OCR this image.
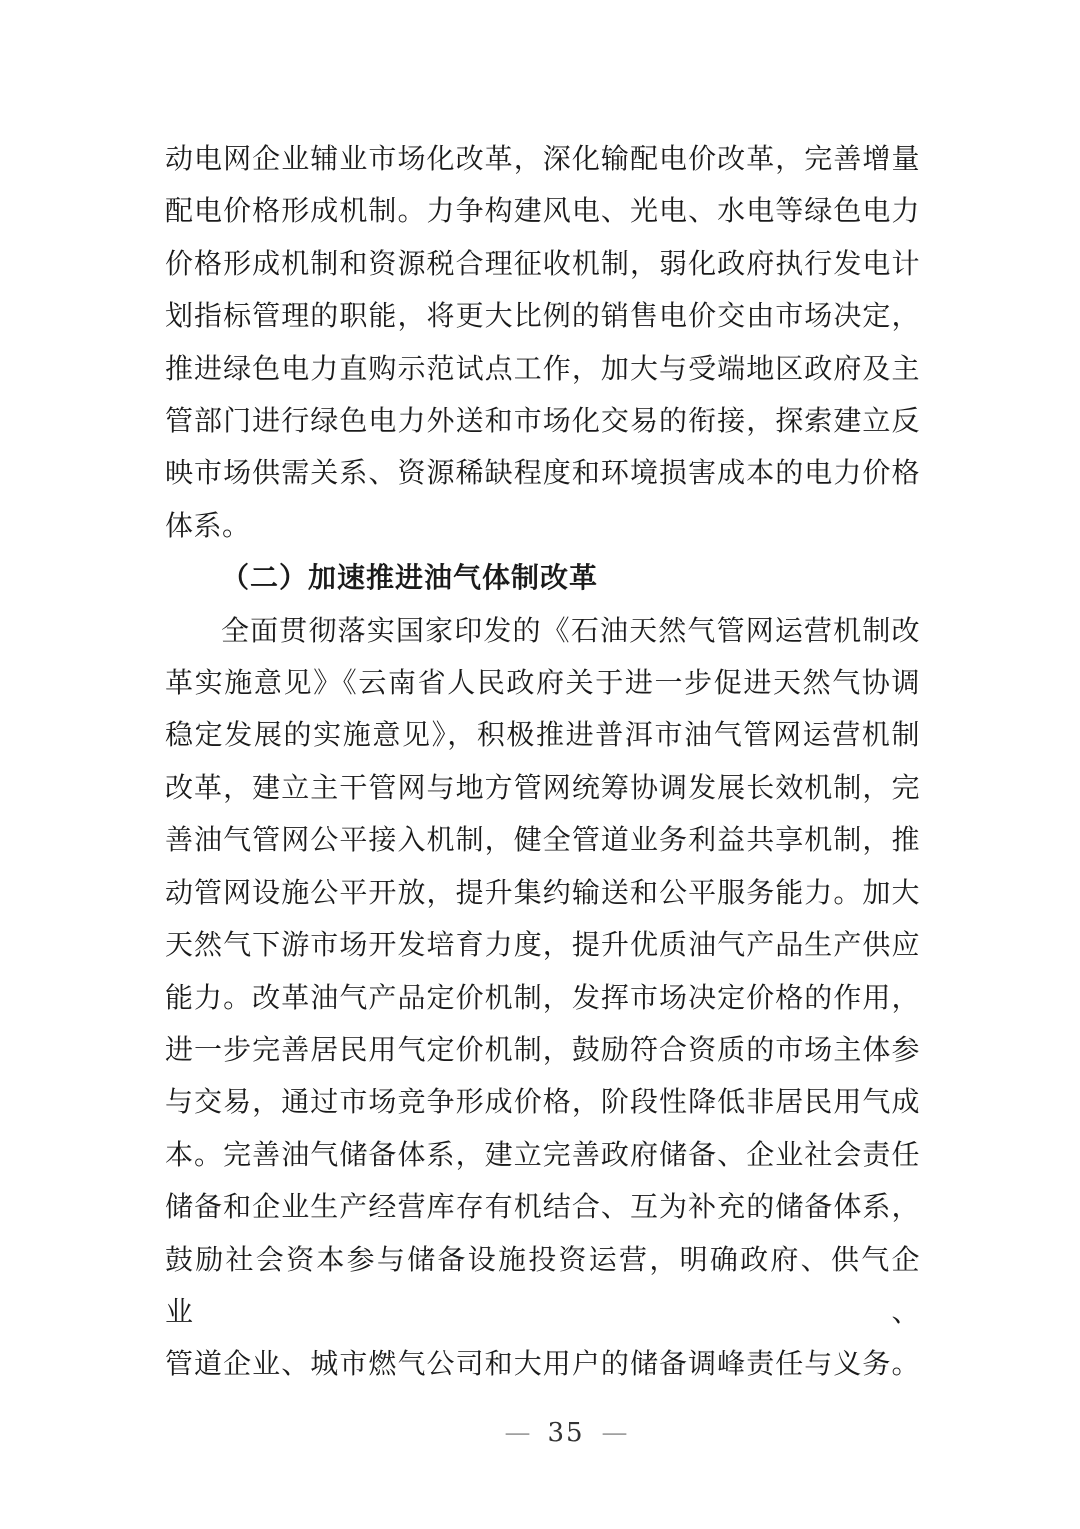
动电网企业辅业市场化改革，深化输配电价改革，完善增量
配电价格形成机制。力争构建风电、光电、水电等绿色电力
价格形成机制和资源税合理征收机制，弱化政府执行发电计
划指标管理的职能，将更大比例的销售电价交由市场决定，
推进绿色电力直购示范试点工作，加大与受端地区政府及主
管部门进行绿色电力外送和市场化交易的衔接，探索建立反
映市场供需关系、资源稀缺程度和环境损害成本的电力价格
体系。
（二）加速推进油气体制改革
全面贯彻落实国家印发的《石油天然气管网运营机制改
革实施意见》《云南省人民政府关于进一步促进天然气协调
稳定发展的实施意见》，积极推进普洱市油气管网运营机制
改革，建立主干管网与地方管网统筹协调发展长效机制，完
善油气管网公平接入机制，健全管道业务利益共享机制，推
动管网设施公平开放，提升集约输送和公平服务能力。加大
天然气下游市场开发培育力度，提升优质油气产品生产供应
能力。改革油气产品定价机制，发挥市场决定价格的作用，
进一步完善居民用气定价机制，鼓励符合资质的市场主体参
与交易，通过市场竞争形成价格，阶段性降低非居民用气成
本。完善油气储备体系，建立完善政府储备、企业社会责任
储备和企业生产经营库存有机结合、互为补充的储备体系，
鼓励社会资本参与储备设施投资运营，明确政府、供气企业、
管道企业、城市燃气公司和大用户的储备调峰责任与义务。
— 35 —
